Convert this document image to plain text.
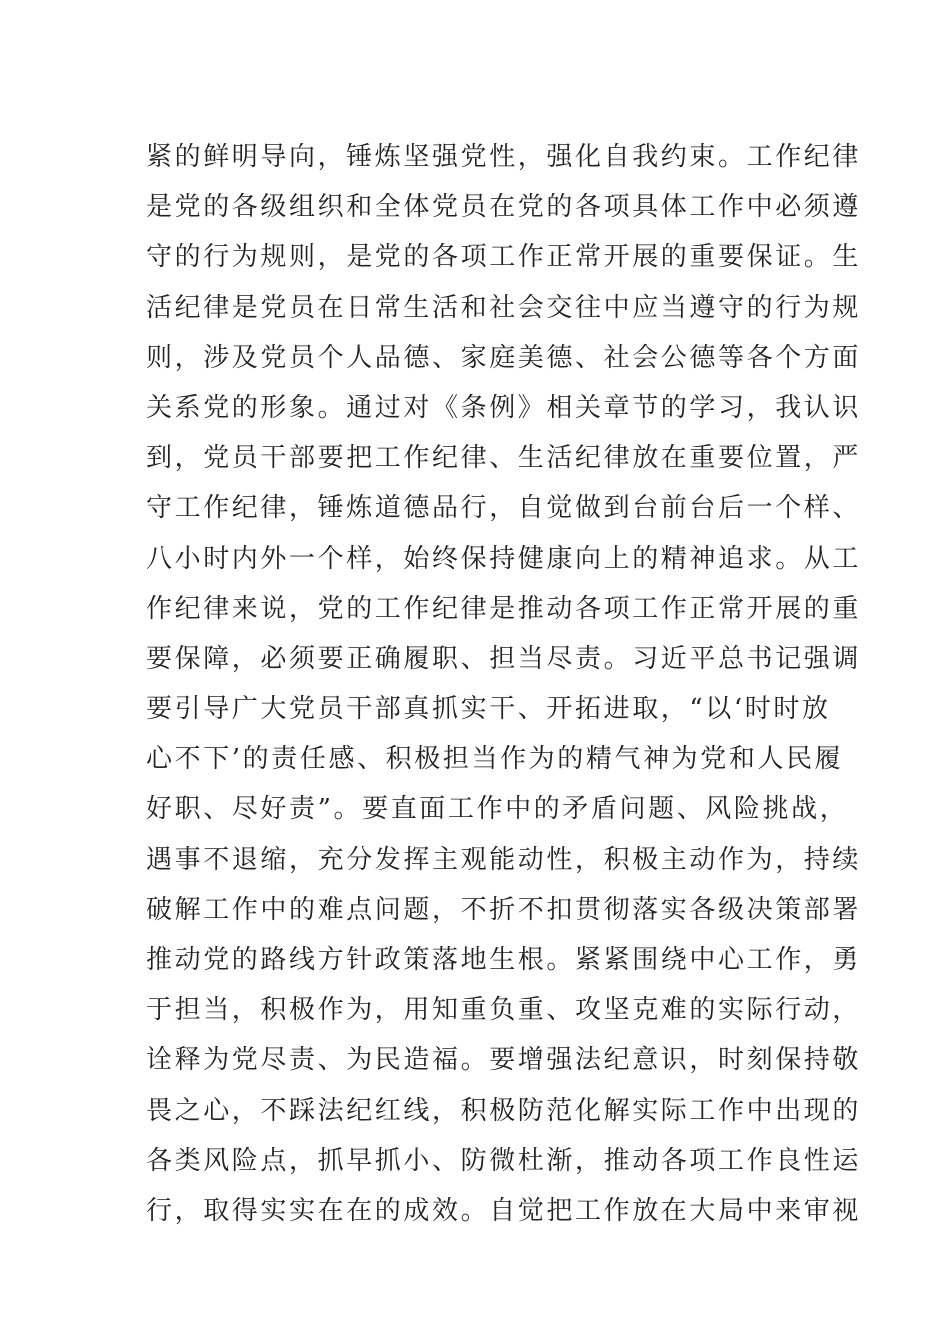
紧的鲜明导向，锤炼坚强党性，强化自我约束。工作纪律
是党的各级组织和全体党员在党的各项具体工作中必须遵
守的行为规则，是党的各项工作正常开展的重要保证。生
活纪律是党员在日常生活和社会交往中应当遵守的行为规
则，涉及党员个人品德、家庭美德、社会公德等各个方面
关系党的形象。通过对《条例》相关章节的学习，我认识
到，党员干部要把工作纪律、生活纪律放在重要位置，严
守工作纪律，锤炼道德品行，自觉做到台前台后一个样、
八小时内外一个样，始终保持健康向上的精神追求。从工
作纪律来说，党的工作纪律是推动各项工作正常开展的重
要保障，必须要正确履职、担当尽责。习近平总书记强调
要引导广大党员干部真抓实干、开拓进取，“以‘时时放
心不下’的责任感、积极担当作为的精气神为党和人民履
好职、尽好责”。要直面工作中的矛盾问题、风险挑战，
遇事不退缩，充分发挥主观能动性，积极主动作为，持续
破解工作中的难点问题，不折不扣贯彻落实各级决策部署
推动党的路线方针政策落地生根。紧紧围绕中心工作，勇
于担当，积极作为，用知重负重、攻坚克难的实际行动，
诠释为党尽责、为民造福。要增强法纪意识，时刻保持敬
畏之心，不踩法纪红线，积极防范化解实际工作中出现的
各类风险点，抓早抓小、防微杜渐，推动各项工作良性运
行，取得实实在在的成效。自觉把工作放在大局中来审视
